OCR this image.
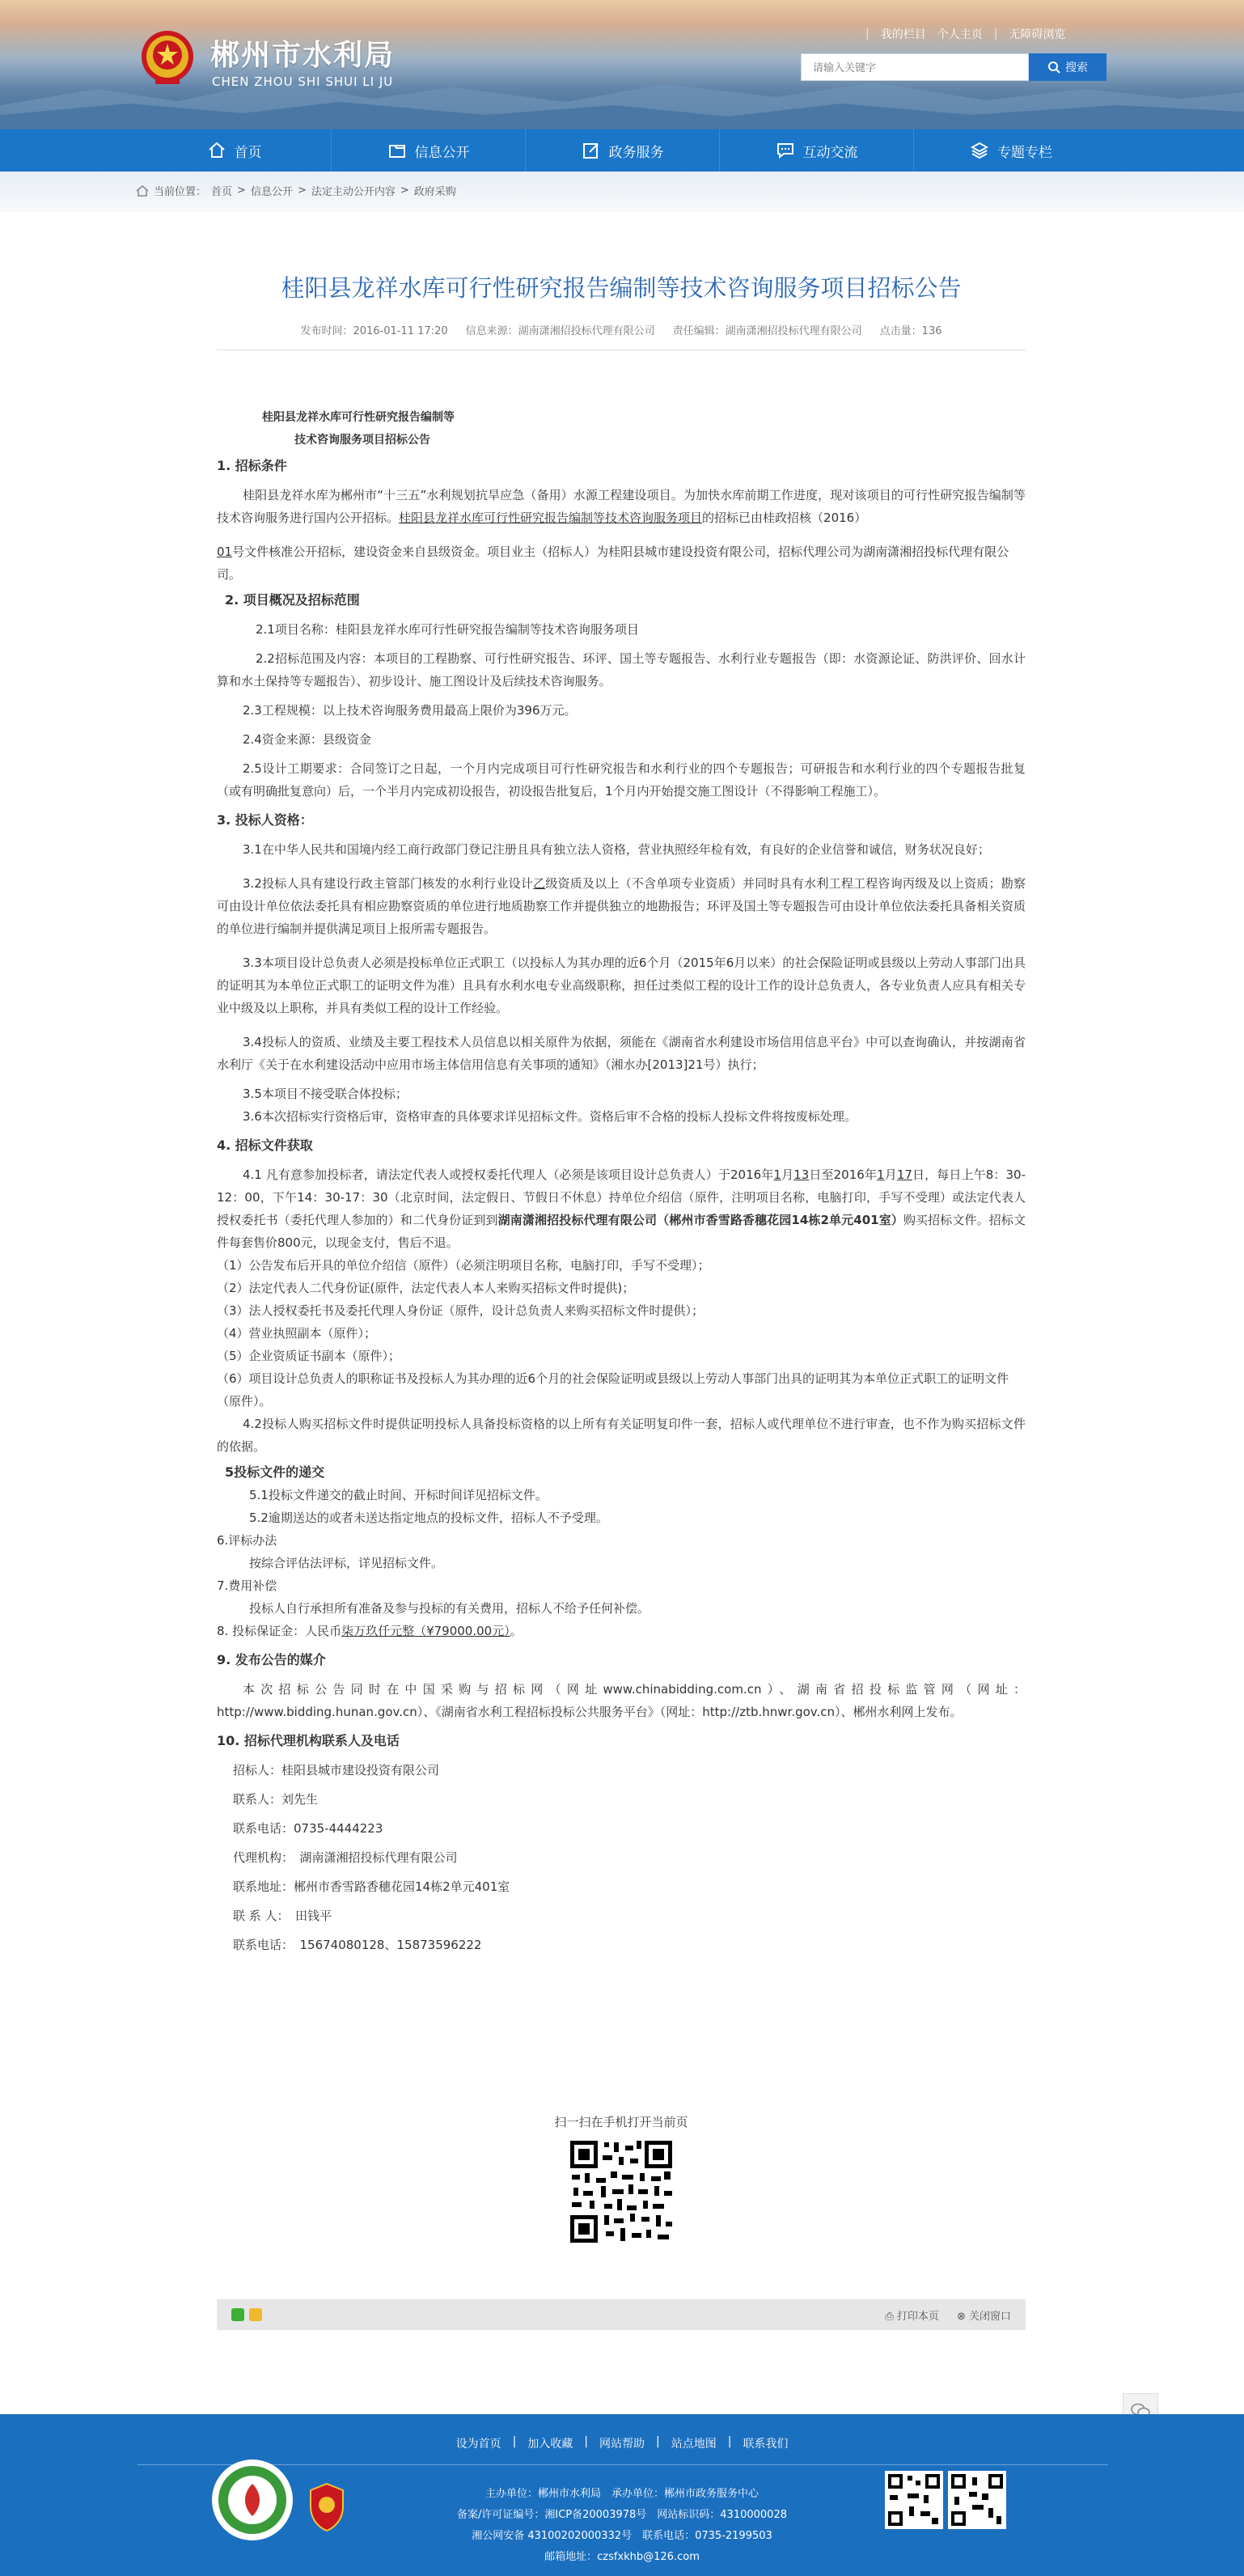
郴州市水利局
CHEN ZHOU SHI SHUI LI JU
| 我的栏目 个人主页 | 无障碍浏览
请输入关键字
搜索
首页	信息公开	政务服务	互动交流	专题专栏
当前位置： 首页 > 信息公开 > 法定主动公开内容 > 政府采购
桂阳县龙祥水库可行性研究报告编制等技术咨询服务项目招标公告
发布时间：2016-01-11 17:20 信息来源：湖南潇湘招投标代理有限公司 责任编辑：湖南潇湘招投标代理有限公司 点击量：136

桂阳县龙祥水库可行性研究报告编制等

技术咨询服务项目招标公告

1. 招标条件

桂阳县龙祥水库为郴州市“十三五”水利规划抗旱应急（备用）水源工程建设项目。为加快水库前期工作进度，现对该项目的可行性研究报告编制等技术咨询服务进行国内公开招标。桂阳县龙祥水库可行性研究报告编制等技术咨询服务项目的招标已由桂政招核（2016）

01号文件核准公开招标，建设资金来自县级资金。项目业主（招标人）为桂阳县城市建设投资有限公司，招标代理公司为湖南潇湘招投标代理有限公司。

2. 项目概况及招标范围

2.1项目名称：桂阳县龙祥水库可行性研究报告编制等技术咨询服务项目

2.2招标范围及内容：本项目的工程勘察、可行性研究报告、环评、国土等专题报告、水利行业专题报告（即：水资源论证、防洪评价、回水计算和水土保持等专题报告）、初步设计、施工图设计及后续技术咨询服务。

2.3工程规模：以上技术咨询服务费用最高上限价为396万元。

2.4资金来源：县级资金

2.5设计工期要求：合同签订之日起，一个月内完成项目可行性研究报告和水利行业的四个专题报告；可研报告和水利行业的四个专题报告批复（或有明确批复意向）后，一个半月内完成初设报告，初设报告批复后，1个月内开始提交施工图设计（不得影响工程施工）。

3. 投标人资格：

3.1在中华人民共和国境内经工商行政部门登记注册且具有独立法人资格，营业执照经年检有效，有良好的企业信誉和诚信，财务状况良好；

3.2投标人具有建设行政主管部门核发的水利行业设计乙级资质及以上（不含单项专业资质）并同时具有水利工程工程咨询丙级及以上资质；勘察可由设计单位依法委托具有相应勘察资质的单位进行地质勘察工作并提供独立的地勘报告；环评及国土等专题报告可由设计单位依法委托具备相关资质的单位进行编制并提供满足项目上报所需专题报告。

3.3本项目设计总负责人必须是投标单位正式职工（以投标人为其办理的近6个月（2015年6月以来）的社会保险证明或县级以上劳动人事部门出具的证明其为本单位正式职工的证明文件为准）且具有水利水电专业高级职称，担任过类似工程的设计工作的设计总负责人，各专业负责人应具有相关专业中级及以上职称，并具有类似工程的设计工作经验。

3.4投标人的资质、业绩及主要工程技术人员信息以相关原件为依据，须能在《湖南省水利建设市场信用信息平台》中可以查询确认，并按湖南省水利厅《关于在水利建设活动中应用市场主体信用信息有关事项的通知》（湘水办[2013]21号）执行；

3.5本项目不接受联合体投标；

3.6本次招标实行资格后审，资格审查的具体要求详见招标文件。资格后审不合格的投标人投标文件将按废标处理。

4. 招标文件获取

4.1 凡有意参加投标者，请法定代表人或授权委托代理人（必须是该项目设计总负责人）于2016年1月13日至2016年1月17日，每日上午8：30-12：00，下午14：30-17：30（北京时间，法定假日、节假日不休息）持单位介绍信（原件，注明项目名称，电脑打印，手写不受理）或法定代表人授权委托书（委托代理人参加的）和二代身份证到到湖南潇湘招投标代理有限公司（郴州市香雪路香穗花园14栋2单元401室）购买招标文件。招标文件每套售价800元，以现金支付，售后不退。

（1）公告发布后开具的单位介绍信（原件）（必须注明项目名称，电脑打印，手写不受理）；

（2）法定代表人二代身份证(原件，法定代表人本人来购买招标文件时提供)；

（3）法人授权委托书及委托代理人身份证（原件，设计总负责人来购买招标文件时提供）；

（4）营业执照副本（原件）；

（5）企业资质证书副本（原件）；

（6）项目设计总负责人的职称证书及投标人为其办理的近6个月的社会保险证明或县级以上劳动人事部门出具的证明其为本单位正式职工的证明文件（原件）。

4.2投标人购买招标文件时提供证明投标人具备投标资格的以上所有有关证明复印件一套，招标人或代理单位不进行审查，也不作为购买招标文件的依据。

5投标文件的递交

5.1投标文件递交的截止时间、开标时间详见招标文件。

5.2逾期送达的或者未送达指定地点的投标文件，招标人不予受理。

6.评标办法

按综合评估法评标，详见招标文件。

7.费用补偿

投标人自行承担所有准备及参与投标的有关费用，招标人不给予任何补偿。

8. 投标保证金：人民币柒万玖仟元整（¥79000.00元）。

9. 发布公告的媒介

本次招标公告同时在中国采购与招标网（网址www.chinabidding.com.cn）、湖南省招投标监管网（网址：http://www.bidding.hunan.gov.cn）、《湖南省水利工程招标投标公共服务平台》（网址：http://ztb.hnwr.gov.cn）、郴州水利网上发布。

10. 招标代理机构联系人及电话

招标人：桂阳县城市建设投资有限公司

联系人：刘先生

联系电话：0735-4444223

代理机构：　湖南潇湘招投标代理有限公司

联系地址：郴州市香雪路香穗花园14栋2单元401室

联 系 人：　田钱平

联系电话：　15674080128、15873596222

扫一扫在手机打开当前页
⎙ 打印本页 ⊗ 关闭窗口
设为首页 | 加入收藏 | 网站帮助 | 站点地图 | 联系我们
主办单位：郴州市水利局　承办单位：郴州市政务服务中心
备案/许可证编号：湘ICP备20003978号　网站标识码：4310000028
湘公网安备 43100202000332号　联系电话：0735-2199503
邮箱地址：czsfxkhb@126.com
